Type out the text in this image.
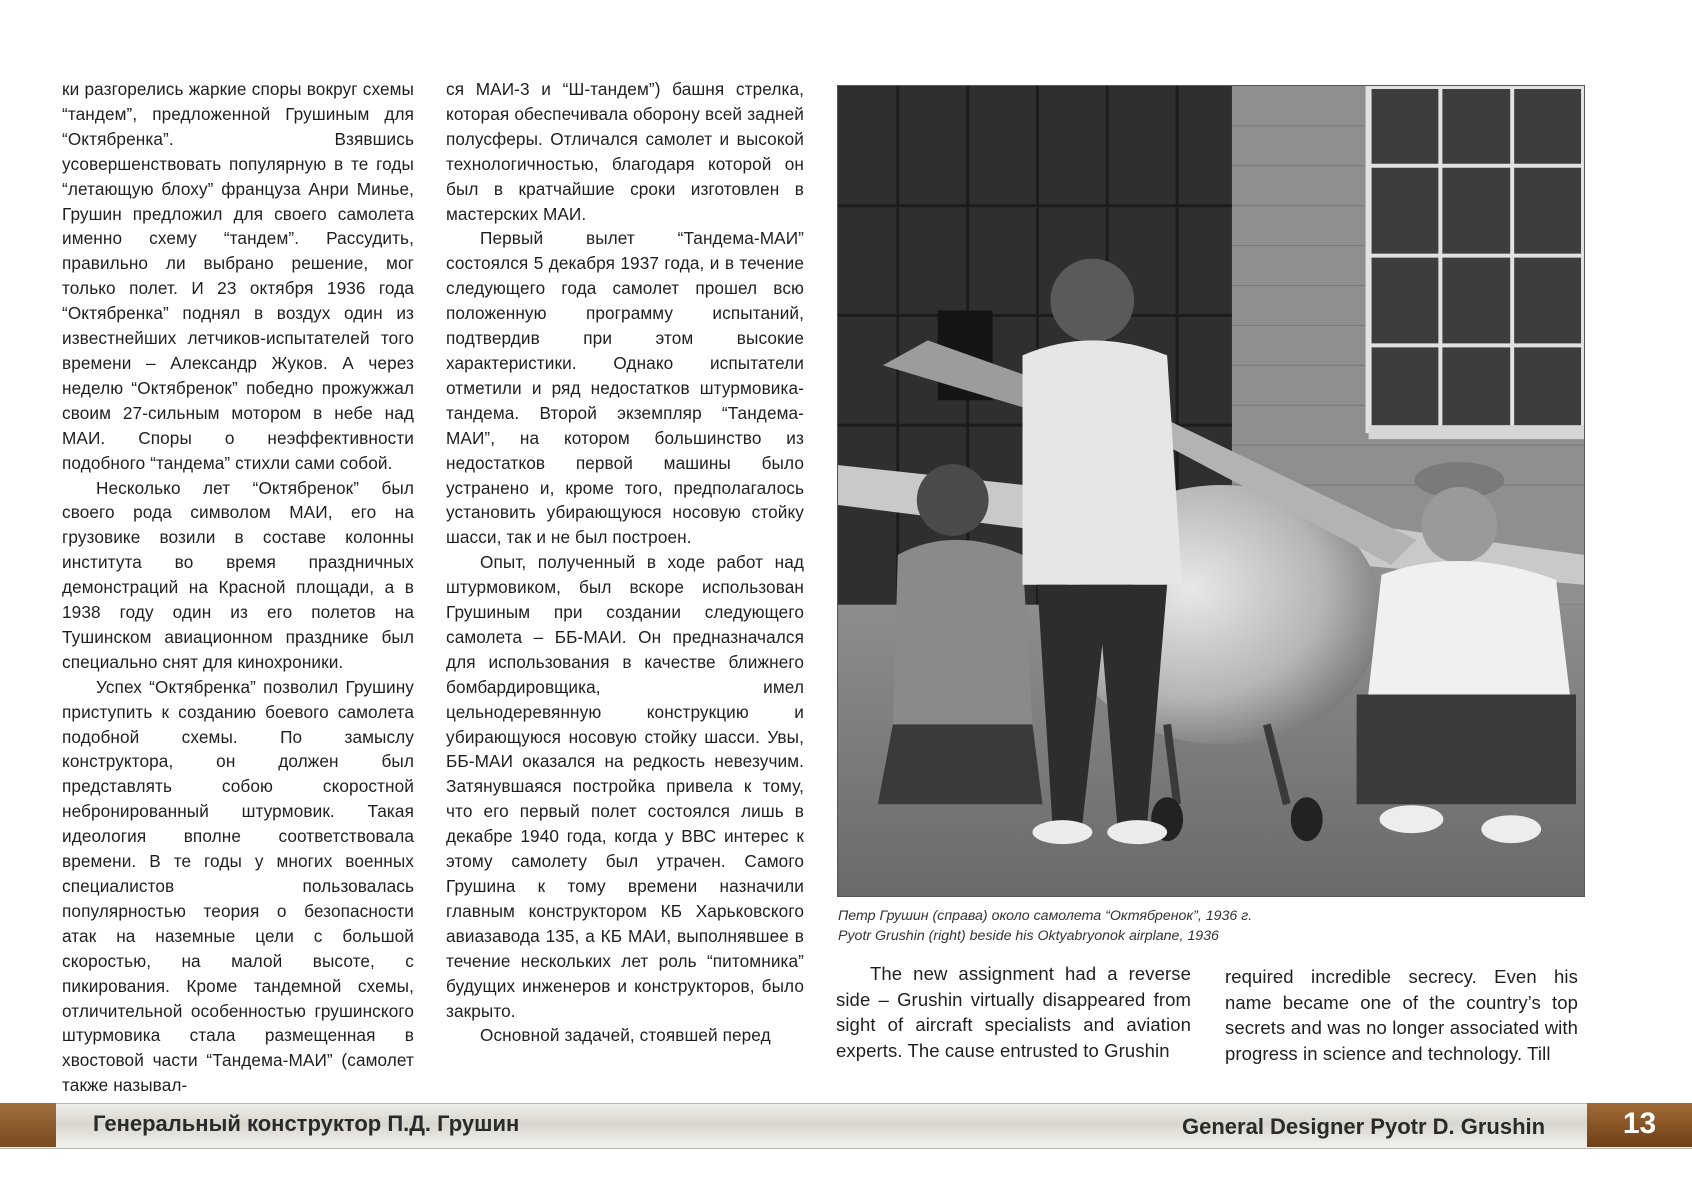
ки разгорелись жаркие споры вокруг схемы “тандем”, предложенной Грушиным для “Октябренка”. Взявшись усовершенствовать популярную в те годы “летающую блоху” француза Анри Минье, Грушин предложил для своего самолета именно схему “тандем”. Рассудить, правильно ли выбрано решение, мог только полет. И 23 октября 1936 года “Октябренка” поднял в воздух один из известнейших летчиков-испытателей того времени – Александр Жуков. А через неделю “Октябренок” победно прожужжал своим 27-сильным мотором в небе над МАИ. Споры о неэффективности подобного “тандема” стихли сами собой.

Несколько лет “Октябренок” был своего рода символом МАИ, его на грузовике возили в составе колонны института во время праздничных демонстраций на Красной площади, а в 1938 году один из его полетов на Тушинском авиационном празднике был специально снят для кинохроники.

Успех “Октябренка” позволил Грушину приступить к созданию боевого самолета подобной схемы. По замыслу конструктора, он должен был представлять собою скоростной небронированный штурмовик. Такая идеология вполне соответствовала времени. В те годы у многих военных специалистов пользовалась популярностью теория о безопасности атак на наземные цели с большой скоростью, на малой высоте, с пикирования. Кроме тандемной схемы, отличительной особенностью грушинского штурмовика стала размещенная в хвостовой части “Тандема-МАИ” (самолет также называл-

ся МАИ-3 и “Ш-тандем”) башня стрелка, которая обеспечивала оборону всей задней полусферы. Отличался самолет и высокой технологичностью, благодаря которой он был в кратчайшие сроки изготовлен в мастерских МАИ.

Первый вылет “Тандема-МАИ” состоялся 5 декабря 1937 года, и в течение следующего года самолет прошел всю положенную программу испытаний, подтвердив при этом высокие характеристики. Однако испытатели отметили и ряд недостатков штурмовика-тандема. Второй экземпляр “Тандема-МАИ”, на котором большинство из недостатков первой машины было устранено и, кроме того, предполагалось установить убирающуюся носовую стойку шасси, так и не был построен.

Опыт, полученный в ходе работ над штурмовиком, был вскоре использован Грушиным при создании следующего самолета – ББ-МАИ. Он предназначался для использования в качестве ближнего бомбардировщика, имел цельнодеревянную конструкцию и убирающуюся носовую стойку шасси. Увы, ББ-МАИ оказался на редкость невезучим. Затянувшаяся постройка привела к тому, что его первый полет состоялся лишь в декабре 1940 года, когда у ВВС интерес к этому самолету был утрачен. Самого Грушина к тому времени назначили главным конструктором КБ Харьковского авиазавода 135, а КБ МАИ, выполнявшее в течение нескольких лет роль “питомника” будущих инженеров и конструкторов, было закрыто.

Основной задачей, стоявшей перед

Петр Грушин (справа) около самолета “Октябренок”, 1936 г.
Pyotr Grushin (right) beside his Oktyabryonok airplane, 1936

The new assignment had a reverse side – Grushin virtually disappeared from sight of aircraft specialists and aviation experts. The cause entrusted to Grushin

required incredible secrecy. Even his name became one of the country’s top secrets and was no longer associated with progress in science and technology. Till

Генеральный конструктор П.Д. Грушин	General Designer Pyotr D. Grushin	13
